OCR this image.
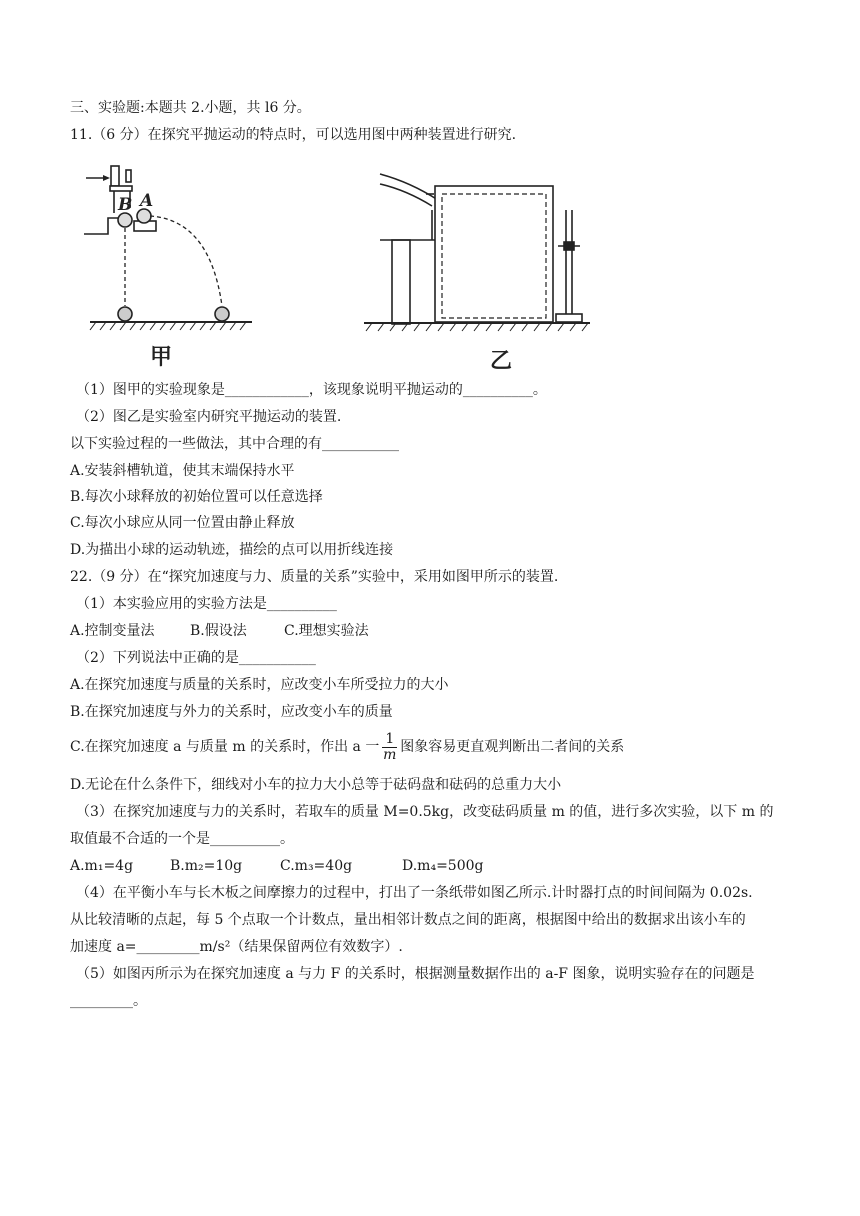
三、实验题:本题共 2.小题，共 l6 分。
11.（6 分）在探究平抛运动的特点时，可以选用图中两种装置进行研究.
B A
甲	乙
（1）图甲的实验现象是____________，该现象说明平抛运动的__________。
（2）图乙是实验室内研究平抛运动的装置.
以下实验过程的一些做法，其中合理的有___________
A.安装斜槽轨道，使其末端保持水平
B.每次小球释放的初始位置可以任意选择
C.每次小球应从同一位置由静止释放
D.为描出小球的运动轨迹，描绘的点可以用折线连接
22.（9 分）在“探究加速度与力、质量的关系”实验中，采用如图甲所示的装置.
（1）本实验应用的实验方法是__________
A.控制变量法	B.假设法	C.理想实验法
（2）下列说法中正确的是___________
A.在探究加速度与质量的关系时，应改变小车所受拉力的大小
B.在探究加速度与外力的关系时，应改变小车的质量
C.在探究加速度 a 与质量 m 的关系时，作出 a 一 $\frac{1}{m}$ 图象容易更直观判断出二者间的关系
D.无论在什么条件下，细线对小车的拉力大小总等于砝码盘和砝码的总重力大小
（3）在探究加速度与力的关系时，若取车的质量 M=0.5kg，改变砝码质量 m 的值，进行多次实验，以下 m 的
取值最不合适的一个是__________。
A.m₁=4g	B.m₂=10g	C.m₃=40g	D.m₄=500g
（4）在平衡小车与长木板之间摩擦力的过程中，打出了一条纸带如图乙所示.计时器打点的时间间隔为 0.02s.
从比较清晰的点起，每 5 个点取一个计数点，量出相邻计数点之间的距离，根据图中给出的数据求出该小车的
加速度 a=_________m/s²（结果保留两位有效数字）.
（5）如图丙所示为在探究加速度 a 与力 F 的关系时，根据测量数据作出的 a-F 图象，说明实验存在的问题是
_________。
